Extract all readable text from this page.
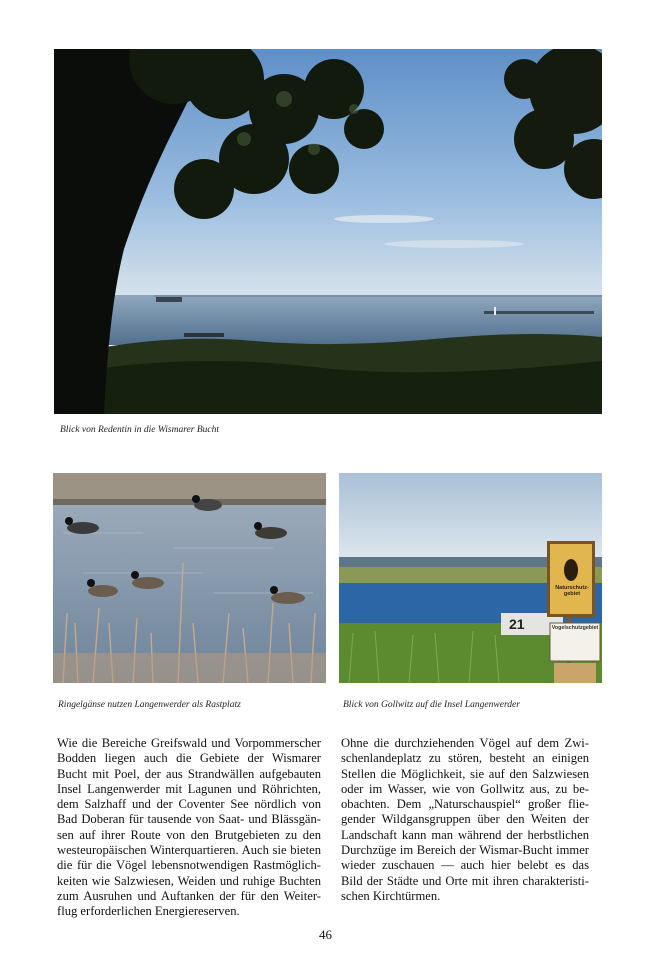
Blick von Redentin in die Wismarer Bucht
Ringelgänse nutzen Langenwerder als Rastplatz
21
Naturschutz-
gebiet
Vogelschutzgebiet
Blick von Gollwitz auf die Insel Langenwerder
Wie die Bereiche Greifswald und Vorpommerscher
Bodden liegen auch die Gebiete der Wismarer
Bucht mit Poel, der aus Strandwällen aufgebauten
Insel Langenwerder mit Lagunen und Röhrichten,
dem Salzhaff und der Coventer See nördlich von
Bad Doberan für tausende von Saat- und Blässgän-
sen auf ihrer Route von den Brutgebieten zu den
westeuropäischen Winterquartieren. Auch sie bieten
die für die Vögel lebensnotwendigen Rastmöglich-
keiten wie Salzwiesen, Weiden und ruhige Buchten
zum Ausruhen und Auftanken der für den Weiter-
flug erforderlichen Energiereserven.
Ohne die durchziehenden Vögel auf dem Zwi-
schenlandeplatz zu stören, besteht an einigen
Stellen die Möglichkeit, sie auf den Salzwiesen
oder im Wasser, wie von Gollwitz aus, zu be-
obachten. Dem „Naturschauspiel“ großer flie-
gender Wildgansgruppen über den Weiten der
Landschaft kann man während der herbstlichen
Durchzüge im Bereich der Wismar-Bucht immer
wieder zuschauen — auch hier belebt es das
Bild der Städte und Orte mit ihren charakteristi-
schen Kirchtürmen.
46
